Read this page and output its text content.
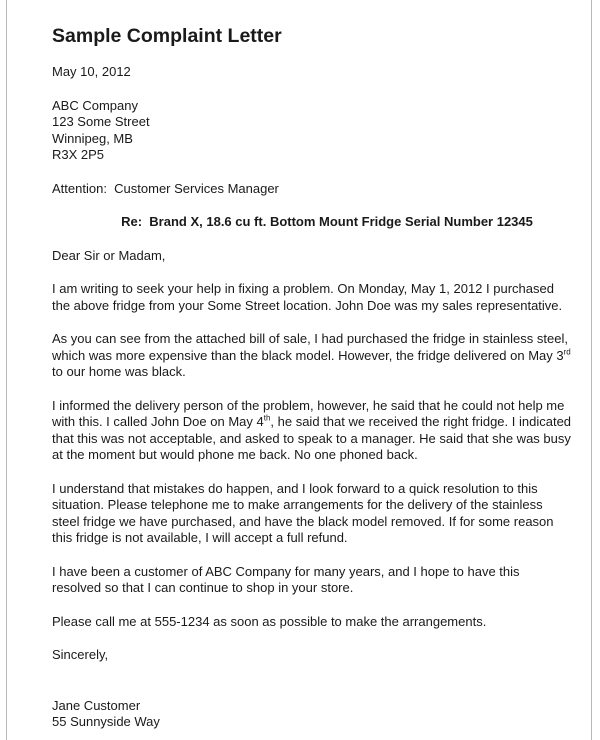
Sample Complaint Letter

May 10, 2012

ABC Company
123 Some Street
Winnipeg, MB
R3X 2P5

Attention:  Customer Services Manager

Re:  Brand X, 18.6 cu ft. Bottom Mount Fridge Serial Number 12345

Dear Sir or Madam,

I am writing to seek your help in fixing a problem. On Monday, May 1, 2012 I purchased the above fridge from your Some Street location. John Doe was my sales representative.

As you can see from the attached bill of sale, I had purchased the fridge in stainless steel, which was more expensive than the black model. However, the fridge delivered on May 3rd to our home was black.

I informed the delivery person of the problem, however, he said that he could not help me with this. I called John Doe on May 4th, he said that we received the right fridge. I indicated that this was not acceptable, and asked to speak to a manager. He said that she was busy at the moment but would phone me back. No one phoned back.

I understand that mistakes do happen, and I look forward to a quick resolution to this situation. Please telephone me to make arrangements for the delivery of the stainless steel fridge we have purchased, and have the black model removed. If for some reason this fridge is not available, I will accept a full refund.

I have been a customer of ABC Company for many years, and I hope to have this resolved so that I can continue to shop in your store.

Please call me at 555-1234 as soon as possible to make the arrangements.

Sincerely,

Jane Customer
55 Sunnyside Way
